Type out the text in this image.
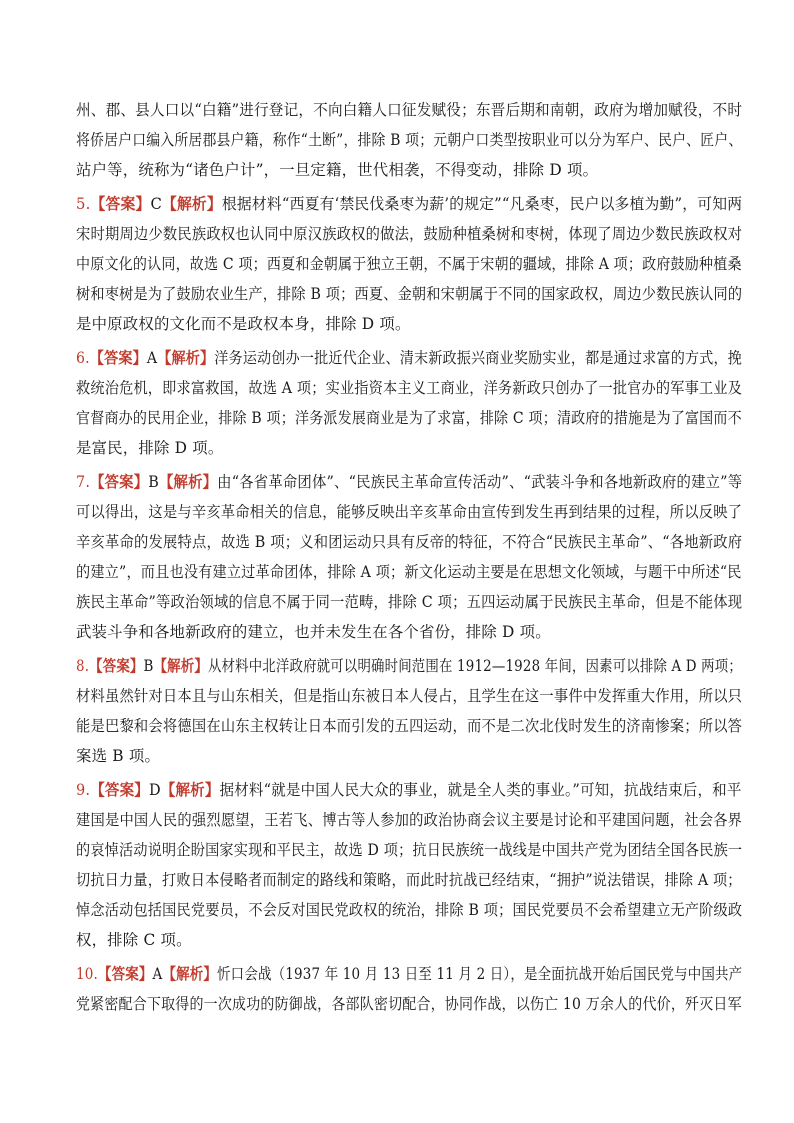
州、郡、县人口以“白籍”进行登记，不向白籍人口征发赋役；东晋后期和南朝，政府为增加赋役，不时
将侨居户口编入所居郡县户籍，称作“土断”，排除 B 项；元朝户口类型按职业可以分为军户、民户、匠户、
站户等，统称为“诸色户计”，一旦定籍，世代相袭，不得变动，排除 D 项。
5.【答案】C【解析】根据材料“西夏有‘禁民伐桑枣为薪’的规定”“凡桑枣，民户以多植为勤”，可知两
宋时期周边少数民族政权也认同中原汉族政权的做法，鼓励种植桑树和枣树，体现了周边少数民族政权对
中原文化的认同，故选 C 项；西夏和金朝属于独立王朝，不属于宋朝的疆域，排除 A 项；政府鼓励种植桑
树和枣树是为了鼓励农业生产，排除 B 项；西夏、金朝和宋朝属于不同的国家政权，周边少数民族认同的
是中原政权的文化而不是政权本身，排除 D 项。
6.【答案】A【解析】洋务运动创办一批近代企业、清末新政振兴商业奖励实业，都是通过求富的方式，挽
救统治危机，即求富救国，故选 A 项；实业指资本主义工商业，洋务新政只创办了一批官办的军事工业及
官督商办的民用企业，排除 B 项；洋务派发展商业是为了求富，排除 C 项；清政府的措施是为了富国而不
是富民，排除 D 项。
7.【答案】B【解析】由“各省革命团体”、“民族民主革命宣传活动”、“武装斗争和各地新政府的建立”等
可以得出，这是与辛亥革命相关的信息，能够反映出辛亥革命由宣传到发生再到结果的过程，所以反映了
辛亥革命的发展特点，故选 B 项；义和团运动只具有反帝的特征，不符合“民族民主革命”、“各地新政府
的建立”，而且也没有建立过革命团体，排除 A 项；新文化运动主要是在思想文化领域，与题干中所述“民
族民主革命”等政治领域的信息不属于同一范畴，排除 C 项；五四运动属于民族民主革命，但是不能体现
武装斗争和各地新政府的建立，也并未发生在各个省份，排除 D 项。
8.【答案】B【解析】从材料中北洋政府就可以明确时间范围在 1912—1928 年间，因素可以排除 A D 两项；
材料虽然针对日本且与山东相关，但是指山东被日本人侵占，且学生在这一事件中发挥重大作用，所以只
能是巴黎和会将德国在山东主权转让日本而引发的五四运动，而不是二次北伐时发生的济南惨案；所以答
案选 B 项。
9.【答案】D【解析】据材料“就是中国人民大众的事业，就是全人类的事业。”可知，抗战结束后，和平
建国是中国人民的强烈愿望，王若飞、博古等人参加的政治协商会议主要是讨论和平建国问题，社会各界
的哀悼活动说明企盼国家实现和平民主，故选 D 项；抗日民族统一战线是中国共产党为团结全国各民族一
切抗日力量，打败日本侵略者而制定的路线和策略，而此时抗战已经结束，“拥护”说法错误，排除 A 项；
悼念活动包括国民党要员，不会反对国民党政权的统治，排除 B 项；国民党要员不会希望建立无产阶级政
权，排除 C 项。
10.【答案】A【解析】忻口会战（1937 年 10 月 13 日至 11 月 2 日），是全面抗战开始后国民党与中国共产
党紧密配合下取得的一次成功的防御战，各部队密切配合，协同作战，以伤亡 10 万余人的代价，歼灭日军
